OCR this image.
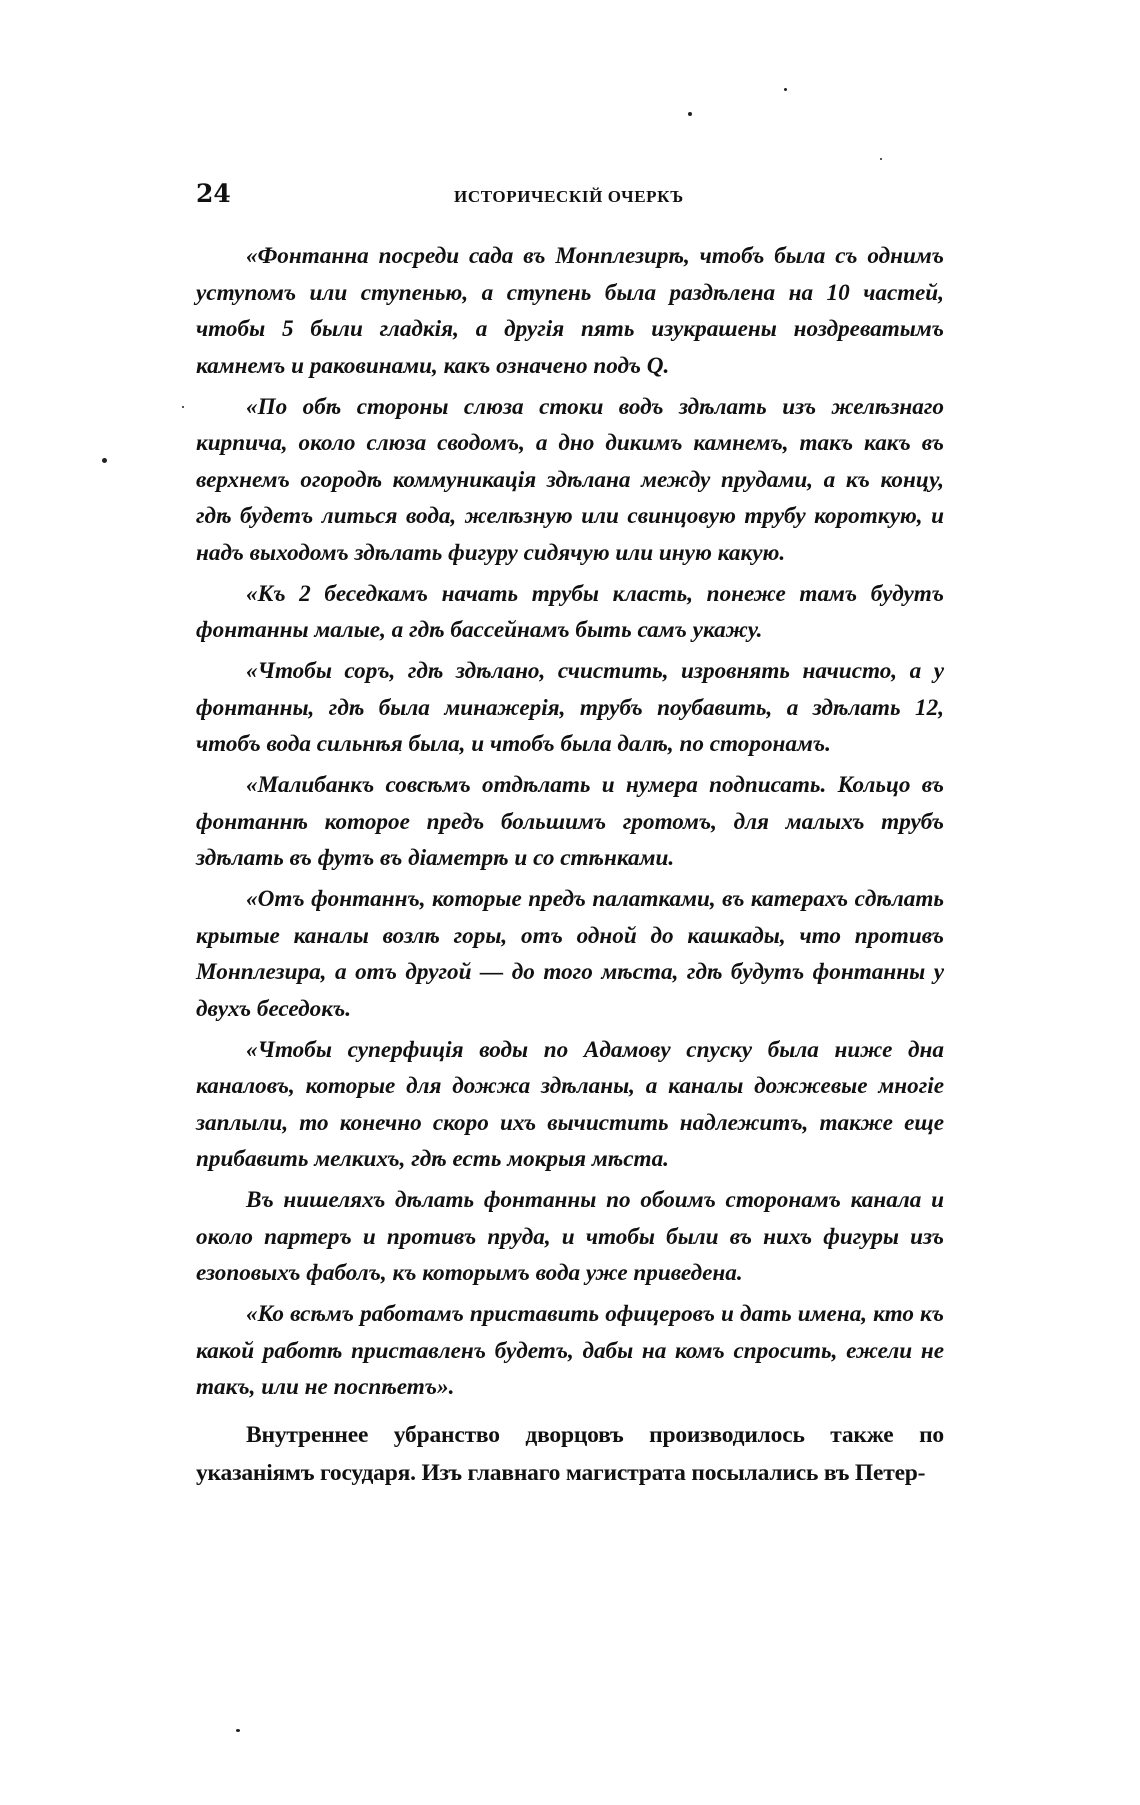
24	ИСТОРИЧЕСКІЙ ОЧЕРКЪ

«Фонтанна посреди сада въ Монплезирѣ, чтобъ была съ однимъ уступомъ или ступенью, а ступень была раздѣлена на 10 частей, чтобы 5 были гладкія, а другія пять изукрашены ноздреватымъ камнемъ и раковинами, какъ означено подъ Q.

«По обѣ стороны слюза стоки водъ здѣлать изъ желѣзнаго кирпича, около слюза сводомъ, а дно дикимъ камнемъ, такъ какъ въ верхнемъ огородѣ коммуникація здѣлана между прудами, а къ концу, гдѣ будетъ литься вода, желѣзную или свинцовую трубу короткую, и надъ выходомъ здѣлать фигуру сидячую или иную какую.

«Къ 2 беседкамъ начать трубы класть, понеже тамъ будутъ фонтанны малые, а гдѣ бассейнамъ быть самъ укажу.

«Чтобы соръ, гдѣ здѣлано, счистить, изровнять начисто, а у фонтанны, гдѣ была минажерія, трубъ поубавить, а здѣлать 12, чтобъ вода сильнѣя была, и чтобъ была далѣ, по сторонамъ.

«Малибанкъ совсѣмъ отдѣлать и нумера подписать. Кольцо въ фонтаннѣ которое предъ большимъ гротомъ, для малыхъ трубъ здѣлать въ футъ въ діаметрѣ и со стѣнками.

«Отъ фонтаннъ, которые предъ палатками, въ катерахъ сдѣлать крытые каналы возлѣ горы, отъ одной до кашкады, что противъ Монплезира, а отъ другой — до того мѣста, гдѣ будутъ фонтанны у двухъ беседокъ.

«Чтобы суперфиція воды по Адамову спуску была ниже дна каналовъ, которые для дожжа здѣланы, а каналы дожжевые многіе заплыли, то конечно скоро ихъ вычистить надлежитъ, также еще прибавить мелкихъ, гдѣ есть мокрыя мѣста.

Въ нишеляхъ дѣлать фонтанны по обоимъ сторонамъ канала и около партеръ и противъ пруда, и чтобы были въ нихъ фигуры изъ езоповыхъ фаболъ, къ которымъ вода уже приведена.

«Ко всѣмъ работамъ приставить офицеровъ и дать имена, кто къ какой работѣ приставленъ будетъ, дабы на комъ спросить, ежели не такъ, или не поспѣетъ».

Внутреннее убранство дворцовъ производилось также по указаніямъ государя. Изъ главнаго магистрата посылались въ Петер-
